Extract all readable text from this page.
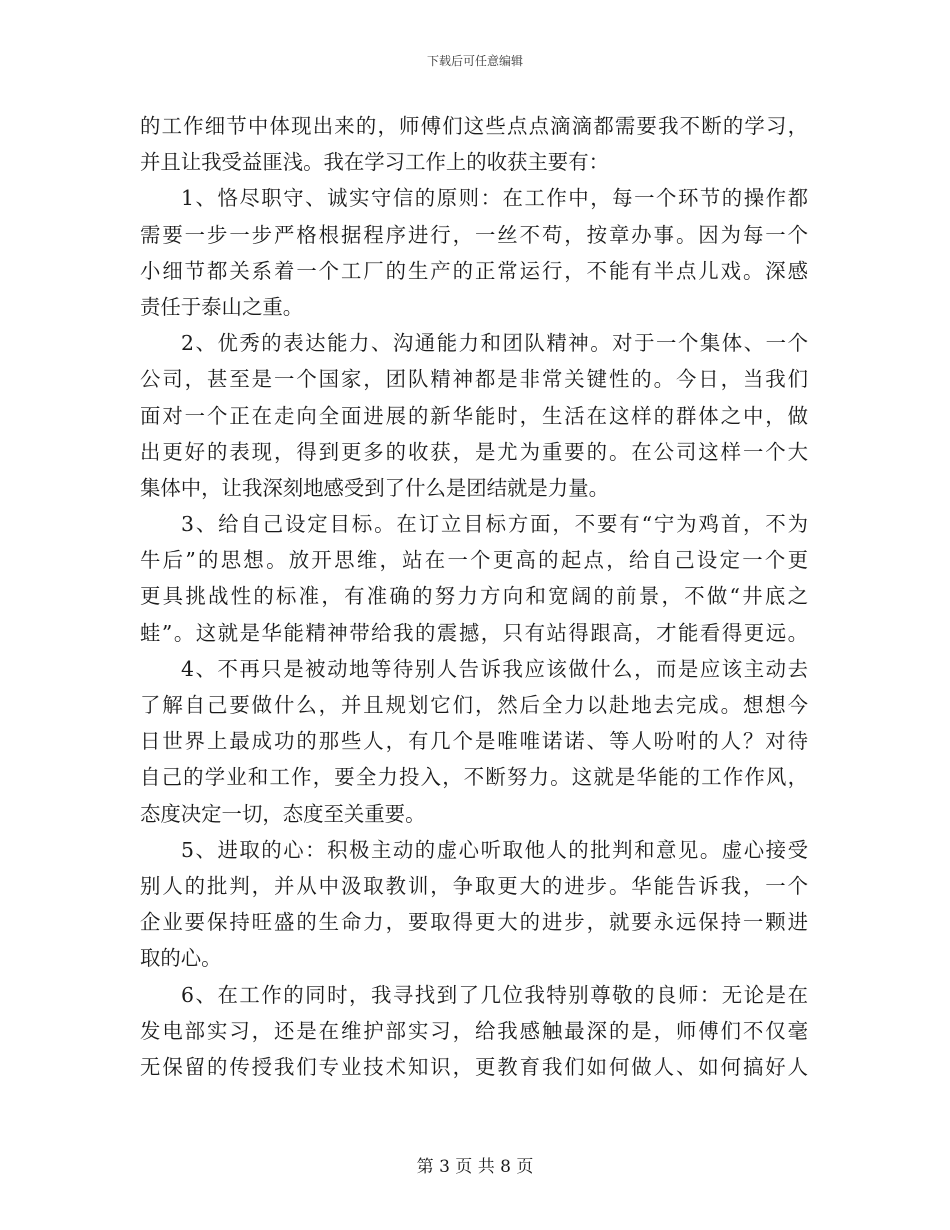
下载后可任意编辑
的工作细节中体现出来的，师傅们这些点点滴滴都需要我不断的学习，
并且让我受益匪浅。我在学习工作上的收获主要有：
1、恪尽职守、诚实守信的原则：在工作中，每一个环节的操作都
需要一步一步严格根据程序进行，一丝不苟，按章办事。因为每一个
小细节都关系着一个工厂的生产的正常运行，不能有半点儿戏。深感
责任于泰山之重。
2、优秀的表达能力、沟通能力和团队精神。对于一个集体、一个
公司，甚至是一个国家，团队精神都是非常关键性的。今日，当我们
面对一个正在走向全面进展的新华能时，生活在这样的群体之中，做
出更好的表现，得到更多的收获，是尤为重要的。在公司这样一个大
集体中，让我深刻地感受到了什么是团结就是力量。
3、给自己设定目标。在订立目标方面，不要有“宁为鸡首，不为
牛后”的思想。放开思维，站在一个更高的起点，给自己设定一个更
更具挑战性的标准，有准确的努力方向和宽阔的前景，不做“井底之
蛙”。这就是华能精神带给我的震撼，只有站得跟高，才能看得更远。
4、不再只是被动地等待别人告诉我应该做什么，而是应该主动去
了解自己要做什么，并且规划它们，然后全力以赴地去完成。想想今
日世界上最成功的那些人，有几个是唯唯诺诺、等人吩咐的人？对待
自己的学业和工作，要全力投入，不断努力。这就是华能的工作作风，
态度决定一切，态度至关重要。
5、进取的心：积极主动的虚心听取他人的批判和意见。虚心接受
别人的批判，并从中汲取教训，争取更大的进步。华能告诉我，一个
企业要保持旺盛的生命力，要取得更大的进步，就要永远保持一颗进
取的心。
6、在工作的同时，我寻找到了几位我特别尊敬的良师：无论是在
发电部实习，还是在维护部实习，给我感触最深的是，师傅们不仅毫
无保留的传授我们专业技术知识，更教育我们如何做人、如何搞好人
第 3 页 共 8 页
